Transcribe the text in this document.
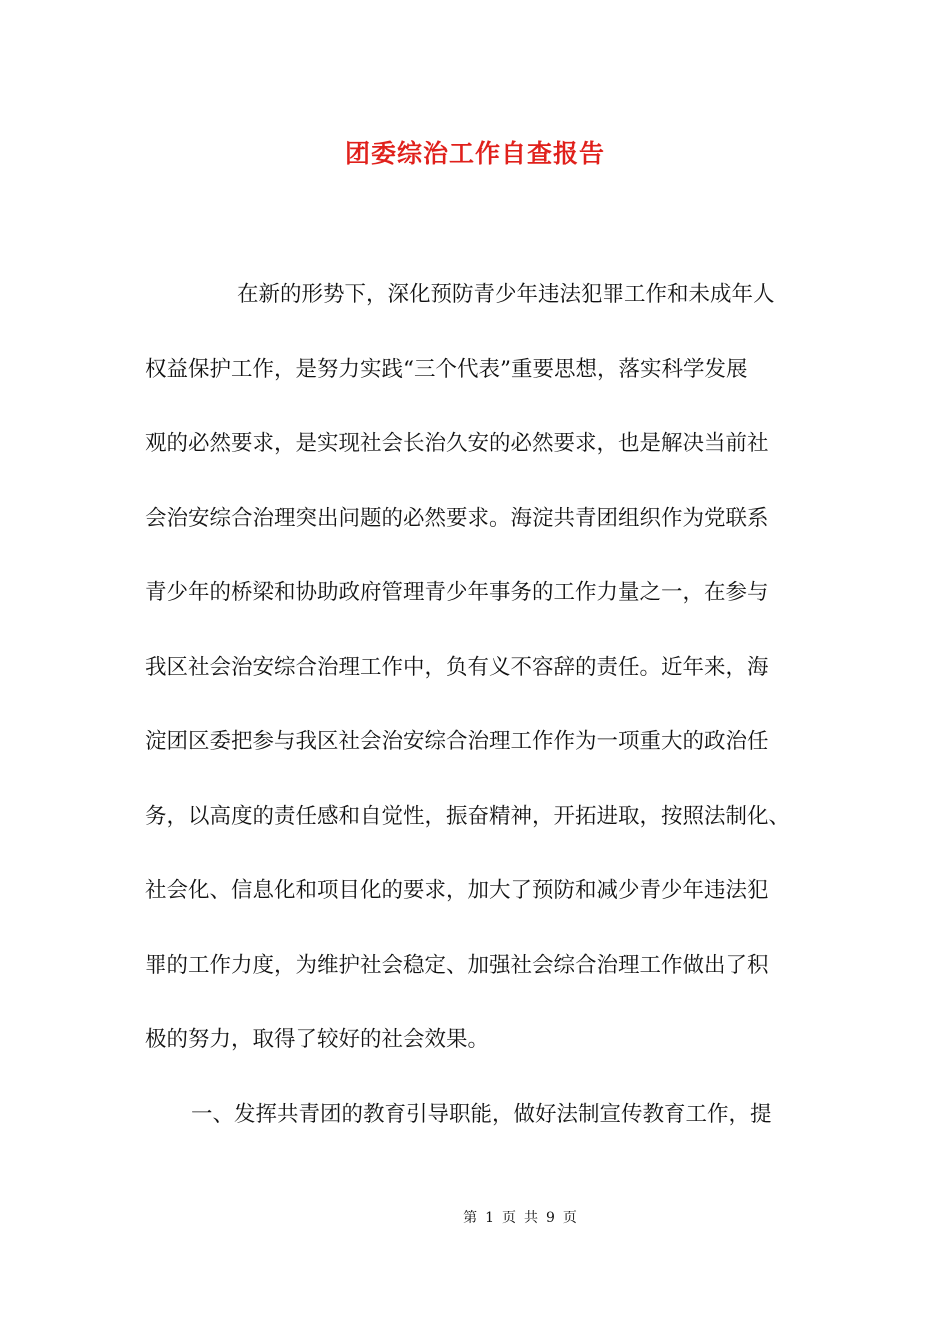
团委综治工作自查报告
在新的形势下，深化预防青少年违法犯罪工作和未成年人
权益保护工作，是努力实践“三个代表”重要思想，落实科学发展
观的必然要求，是实现社会长治久安的必然要求，也是解决当前社
会治安综合治理突出问题的必然要求。海淀共青团组织作为党联系
青少年的桥梁和协助政府管理青少年事务的工作力量之一，在参与
我区社会治安综合治理工作中，负有义不容辞的责任。近年来，海
淀团区委把参与我区社会治安综合治理工作作为一项重大的政治任
务，以高度的责任感和自觉性，振奋精神，开拓进取，按照法制化、
社会化、信息化和项目化的要求，加大了预防和减少青少年违法犯
罪的工作力度，为维护社会稳定、加强社会综合治理工作做出了积
极的努力，取得了较好的社会效果。
一、发挥共青团的教育引导职能，做好法制宣传教育工作，提
第 1 页 共 9 页
